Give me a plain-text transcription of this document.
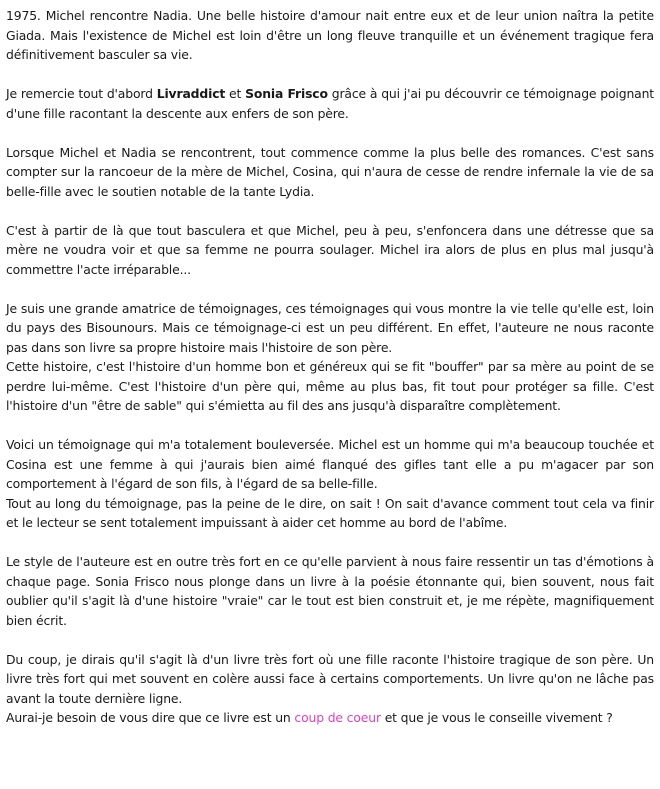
1975. Michel rencontre Nadia. Une belle histoire d'amour nait entre eux et de leur union naîtra la petite Giada. Mais l'existence de Michel est loin d'être un long fleuve tranquille et un événement tragique fera définitivement basculer sa vie.

Je remercie tout d'abord Livraddict et Sonia Frisco grâce à qui j'ai pu découvrir ce témoignage poignant d'une fille racontant la descente aux enfers de son père.

Lorsque Michel et Nadia se rencontrent, tout commence comme la plus belle des romances. C'est sans compter sur la rancoeur de la mère de Michel, Cosina, qui n'aura de cesse de rendre infernale la vie de sa belle-fille avec le soutien notable de la tante Lydia.

C'est à partir de là que tout basculera et que Michel, peu à peu, s'enfoncera dans une détresse que sa mère ne voudra voir et que sa femme ne pourra soulager. Michel ira alors de plus en plus mal jusqu'à commettre l'acte irréparable...

Je suis une grande amatrice de témoignages, ces témoignages qui vous montre la vie telle qu'elle est, loin du pays des Bisounours. Mais ce témoignage-ci est un peu différent. En effet, l'auteure ne nous raconte pas dans son livre sa propre histoire mais l'histoire de son père.

Cette histoire, c'est l'histoire d'un homme bon et généreux qui se fit "bouffer" par sa mère au point de se perdre lui-même. C'est l'histoire d'un père qui, même au plus bas, fit tout pour protéger sa fille. C'est l'histoire d'un "être de sable" qui s'émietta au fil des ans jusqu'à disparaître complètement.

Voici un témoignage qui m'a totalement bouleversée. Michel est un homme qui m'a beaucoup touchée et Cosina est une femme à qui j'aurais bien aimé flanqué des gifles tant elle a pu m'agacer par son comportement à l'égard de son fils, à l'égard de sa belle-fille.

Tout au long du témoignage, pas la peine de le dire, on sait ! On sait d'avance comment tout cela va finir et le lecteur se sent totalement impuissant à aider cet homme au bord de l'abîme.

Le style de l'auteure est en outre très fort en ce qu'elle parvient à nous faire ressentir un tas d'émotions à chaque page. Sonia Frisco nous plonge dans un livre à la poésie étonnante qui, bien souvent, nous fait oublier qu'il s'agit là d'une histoire "vraie" car le tout est bien construit et, je me répète, magnifiquement bien écrit.

Du coup, je dirais qu'il s'agit là d'un livre très fort où une fille raconte l'histoire tragique de son père. Un livre très fort qui met souvent en colère aussi face à certains comportements. Un livre qu'on ne lâche pas avant la toute dernière ligne.

Aurai-je besoin de vous dire que ce livre est un coup de coeur et que je vous le conseille vivement ?
